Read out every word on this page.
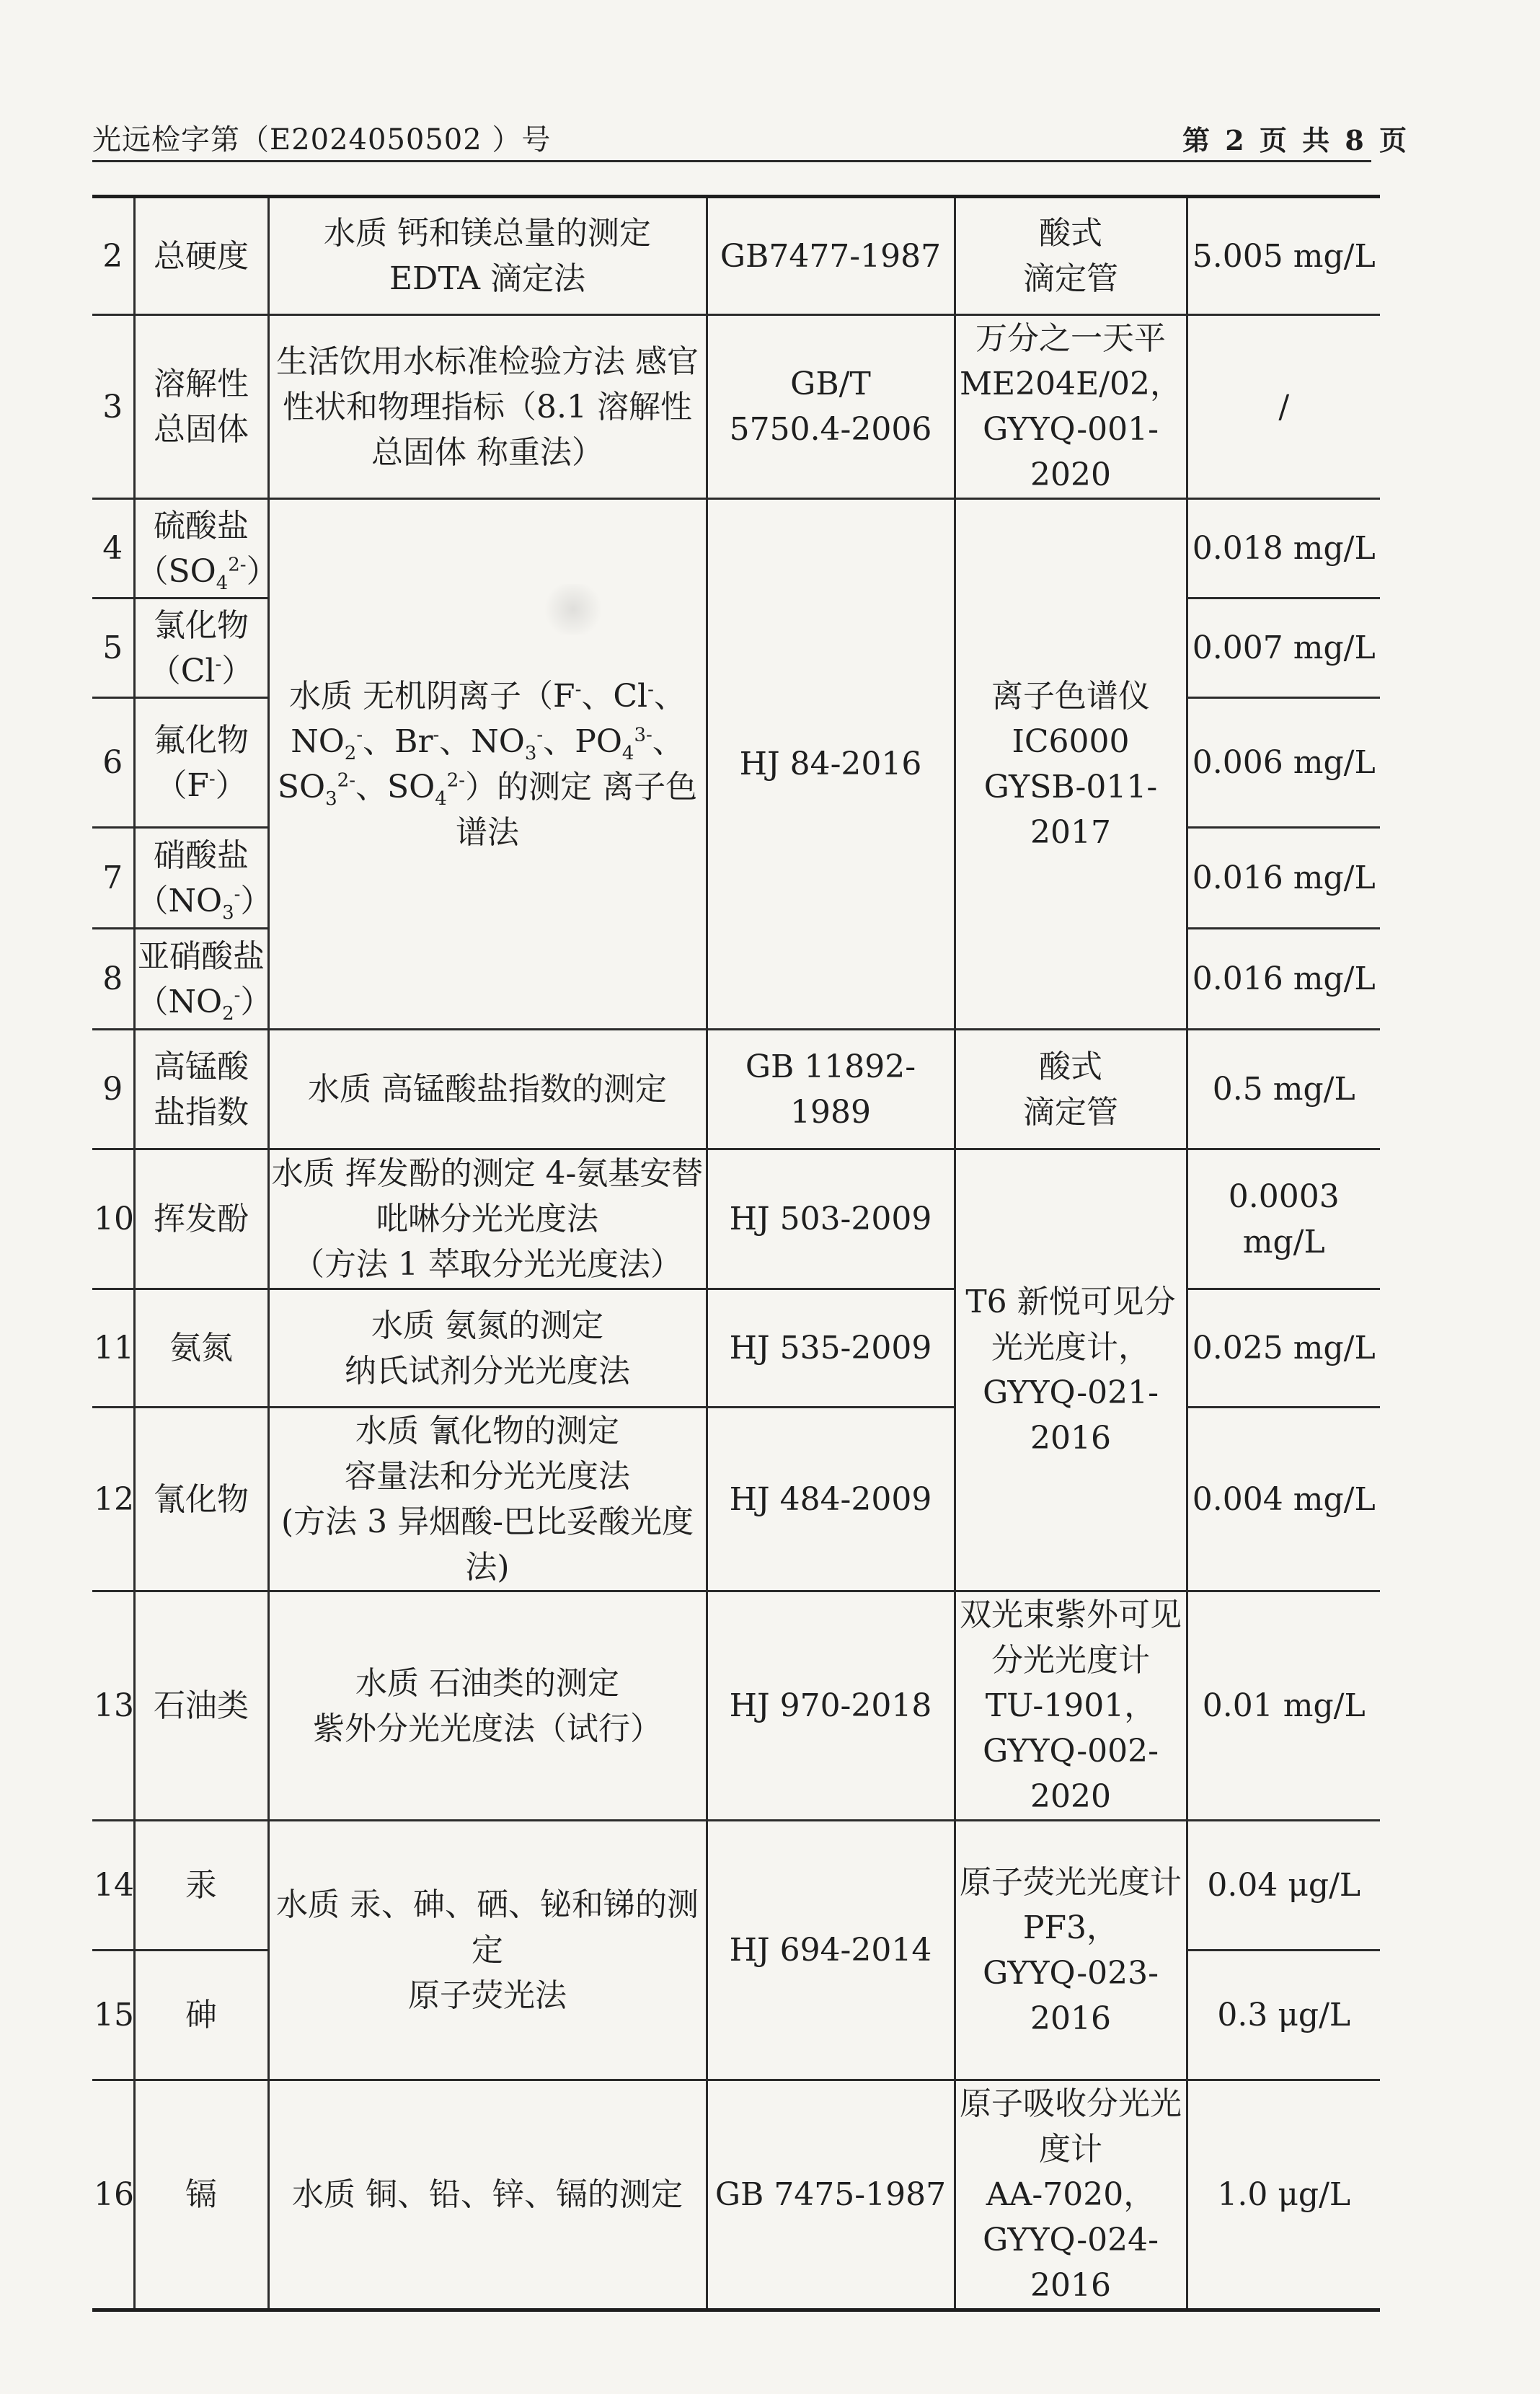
光远检字第（E2024050502 ）号	第 2 页 共 8 页
2	总硬度	水质 钙和镁总量的测定
EDTA 滴定法	GB7477-1987	酸式
滴定管	5.005 mg/L
3	溶解性
总固体	生活饮用水标准检验方法 感官性状和物理指标（8.1 溶解性总固体 称重法）	GB/T
5750.4-2006	万分之一天平
ME204E/02，
GYYQ-001-2020	/
4	硫酸盐
$(SO_4^{2-})$	水质 无机阴离子（F-、Cl-、$NO_2^-$、Br-、$NO_3^-$、$PO_4^{3-}$、$SO_3^{2-}$、$SO_4^{2-}$）的测定 离子色谱法	HJ 84-2016	离子色谱仪
IC6000
GYSB-011-2017	0.018 mg/L
5	氯化物
（Cl-）				0.007 mg/L
6	氟化物
（F-）				0.006 mg/L
7	硝酸盐
$(NO_3^-)$				0.016 mg/L
8	亚硝酸盐
$(NO_2^-)$				0.016 mg/L
9	高锰酸
盐指数	水质 高锰酸盐指数的测定	GB 11892-1989	酸式
滴定管	0.5 mg/L
10	挥发酚	水质 挥发酚的测定 4-氨基安替吡啉分光光度法
（方法 1 萃取分光光度法）	HJ 503-2009	T6 新悦可见分光光度计，
GYYQ-021-2016	0.0003 mg/L
11	氨氮	水质 氨氮的测定
纳氏试剂分光光度法	HJ 535-2009		0.025 mg/L
12	氰化物	水质 氰化物的测定
容量法和分光光度法
(方法 3 异烟酸-巴比妥酸光度法)	HJ 484-2009		0.004 mg/L
13	石油类	水质 石油类的测定
紫外分光光度法（试行）	HJ 970-2018	双光束紫外可见分光光度计
TU-1901，
GYYQ-002-2020	0.01 mg/L
14	汞	水质 汞、砷、硒、铋和锑的测定
原子荧光法	HJ 694-2014	原子荧光光度计
PF3，
GYYQ-023-2016	0.04 μg/L
15	砷				0.3 μg/L
16	镉	水质 铜、铅、锌、镉的测定	GB 7475-1987	原子吸收分光光度计
AA-7020，
GYYQ-024-2016	1.0 μg/L
